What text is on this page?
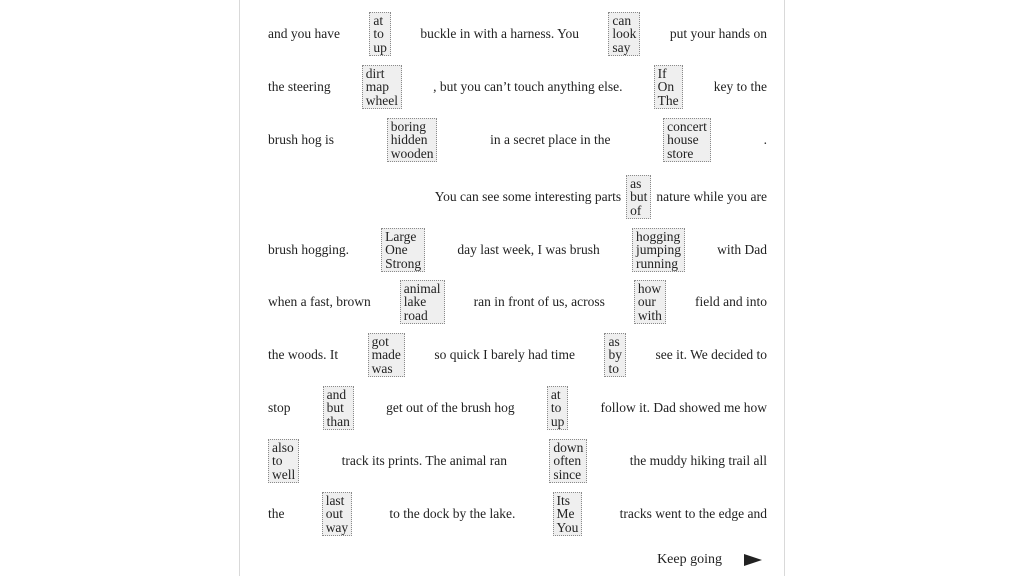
and you have
at
to
up
buckle in with a harness. You
can
look
say
put your hands on
the steering
dirt
map
wheel
, but you can’t touch anything else.
If
On
The
key to the
brush hog is
boring
hidden
wooden
in a secret place in the
concert
house
store
.
You can see some interesting parts
as
but
of
nature while you are
brush hogging.
Large
One
Strong
day last week, I was brush
hogging
jumping
running
with Dad
when a fast, brown
animal
lake
road
ran in front of us, across
how
our
with
field and into
the woods. It
got
made
was
so quick I barely had time
as
by
to
see it. We decided to
stop
and
but
than
get out of the brush hog
at
to
up
follow it. Dad showed me how
also
to
well
track its prints. The animal ran
down
often
since
the muddy hiking trail all
the
last
out
way
to the dock by the lake.
Its
Me
You
tracks went to the edge and
Keep going
